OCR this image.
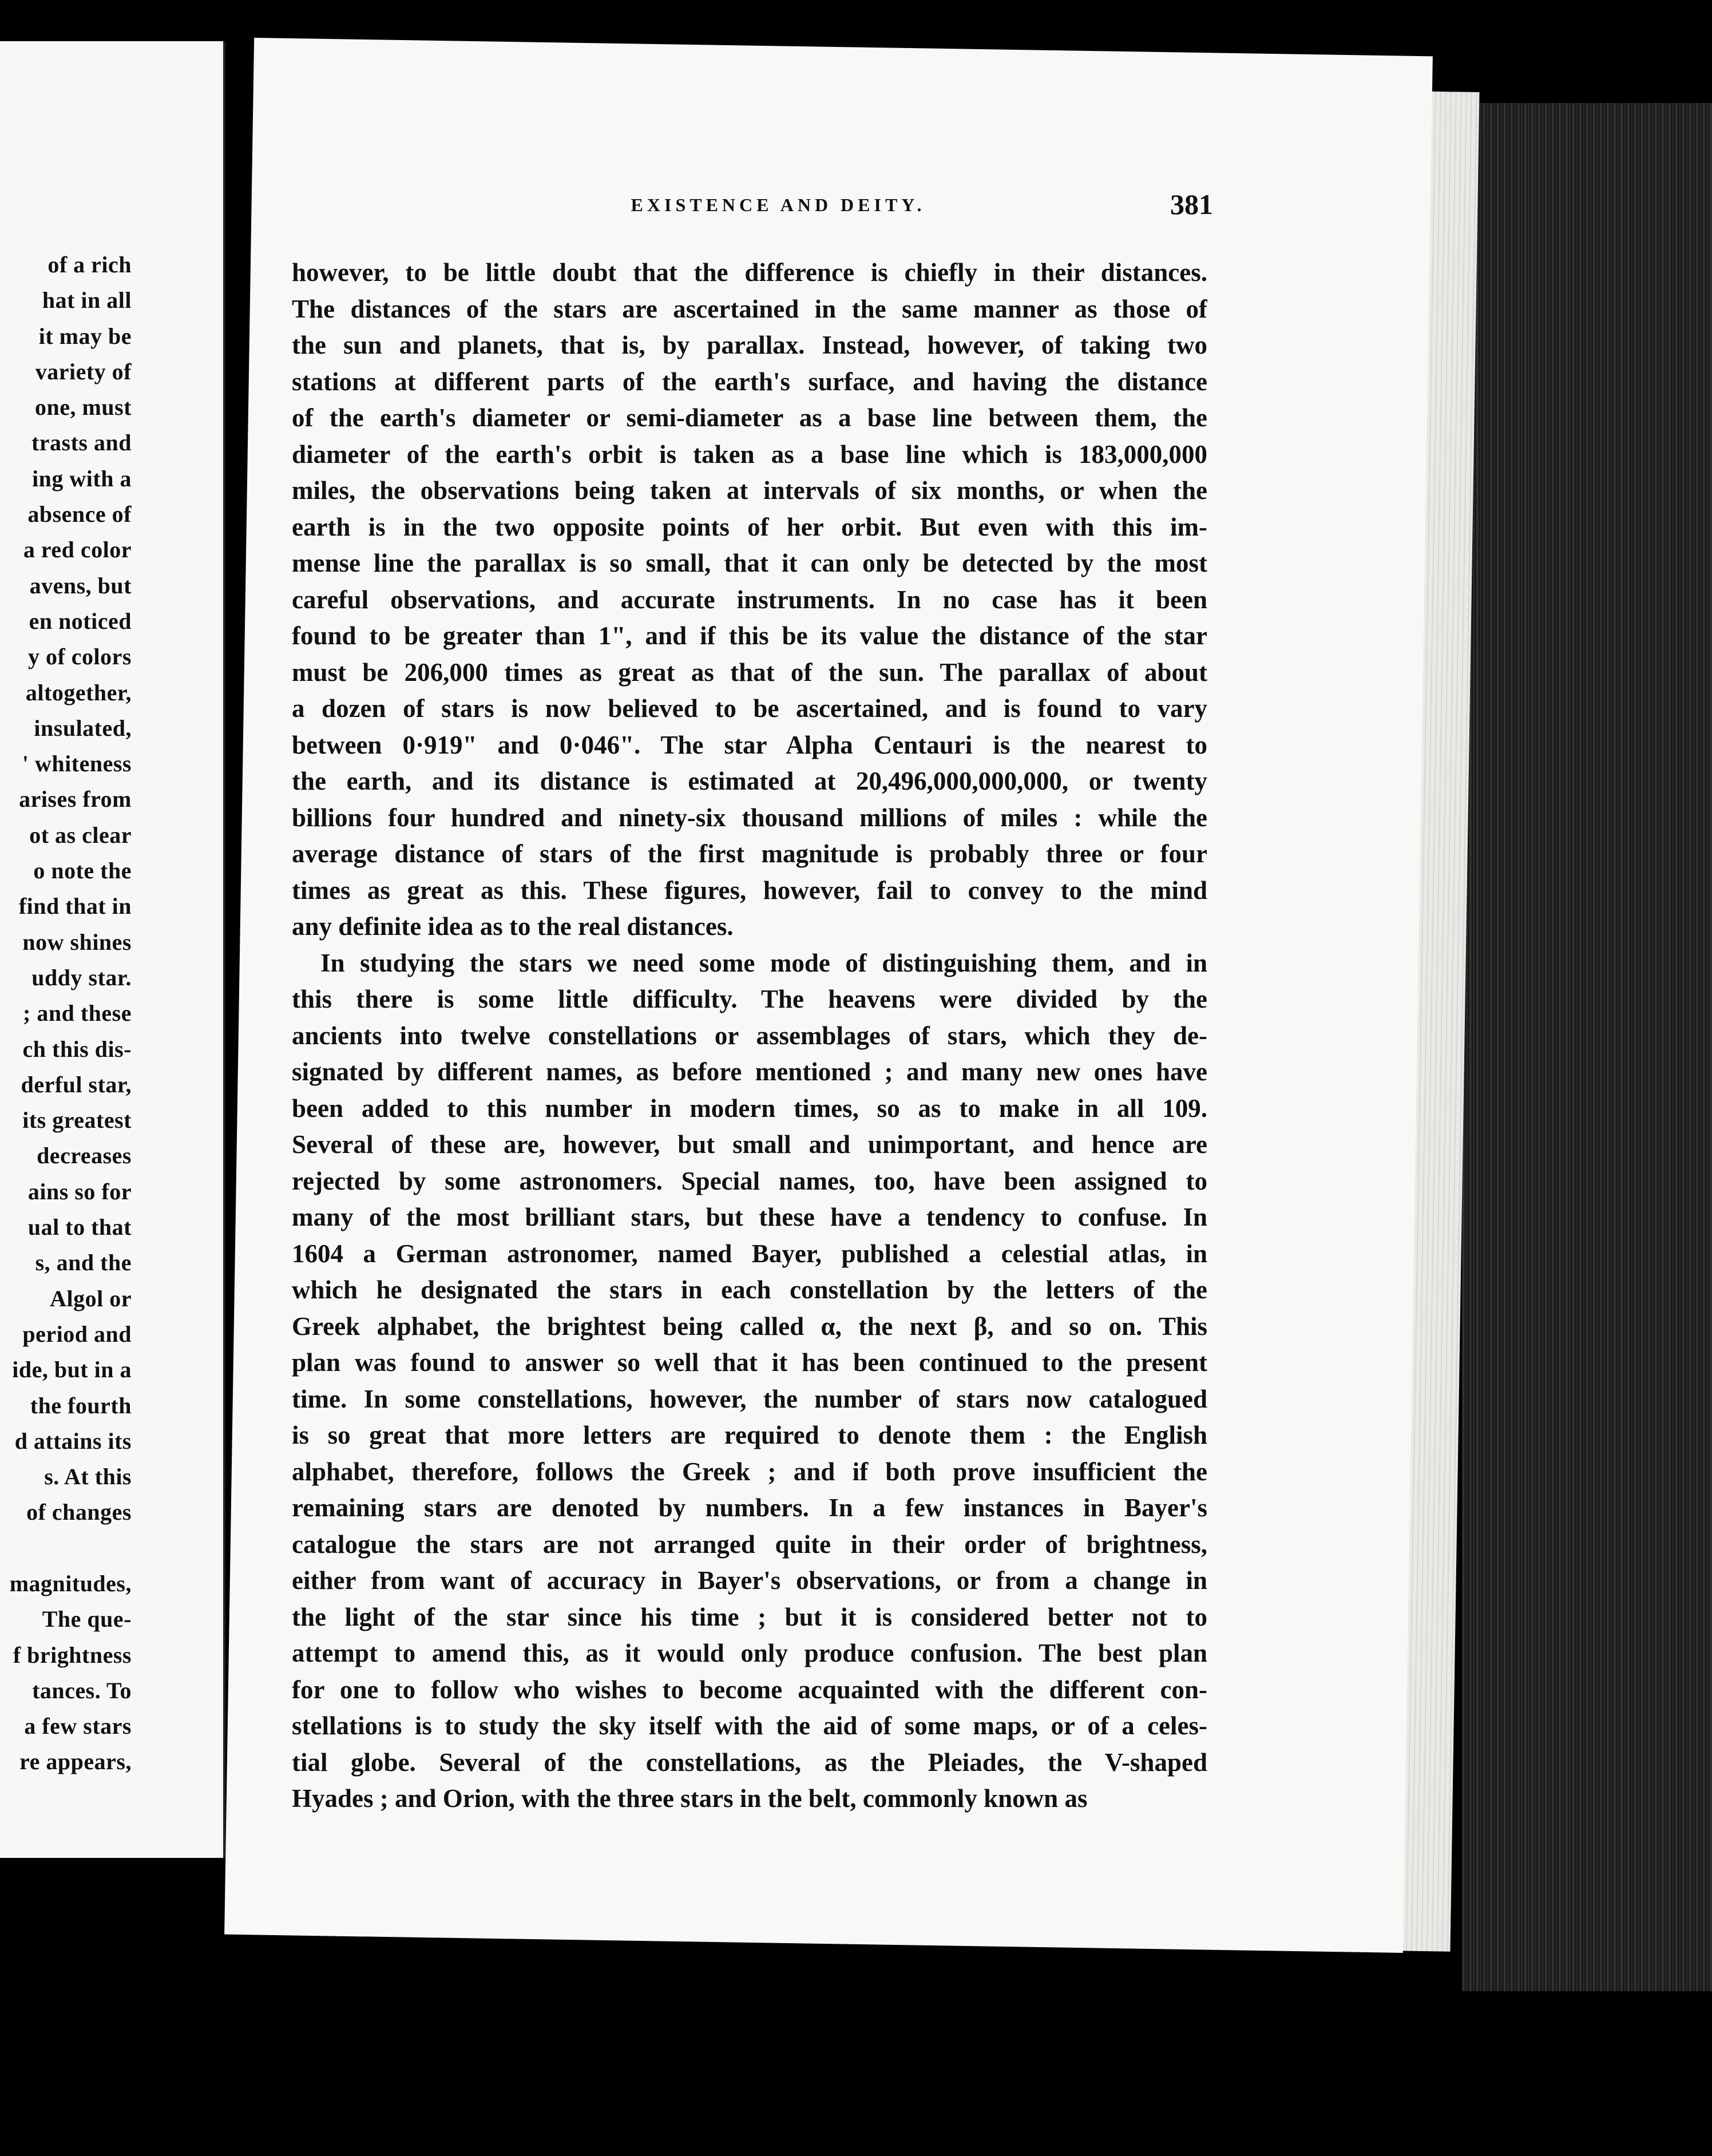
of a rich
hat in all
it may be
variety of
one, must
trasts and
ing with a
absence of
a red color
avens, but
en noticed
y of colors
altogether,
insulated,
' whiteness
arises from
ot as clear
o note the
find that in
now shines
uddy star.
; and these
ch this dis-
derful star,
its greatest
decreases
ains so for
ual to that
s, and the
Algol or
period and
ide, but in a
the fourth
d attains its
s. At this
of changes
magnitudes,
The que-
f brightness
tances. To
a few stars
re appears,
EXISTENCE AND DEITY.	381
however, to be little doubt that the difference is chiefly in their distances.
The distances of the stars are ascertained in the same manner as those of
the sun and planets, that is, by parallax. Instead, however, of taking two
stations at different parts of the earth's surface, and having the distance
of the earth's diameter or semi-diameter as a base line between them, the
diameter of the earth's orbit is taken as a base line which is 183,000,000
miles, the observations being taken at intervals of six months, or when the
earth is in the two opposite points of her orbit. But even with this im-
mense line the parallax is so small, that it can only be detected by the most
careful observations, and accurate instruments. In no case has it been
found to be greater than 1", and if this be its value the distance of the star
must be 206,000 times as great as that of the sun. The parallax of about
a dozen of stars is now believed to be ascertained, and is found to vary
between 0·919" and 0·046". The star Alpha Centauri is the nearest to
the earth, and its distance is estimated at 20,496,000,000,000, or twenty
billions four hundred and ninety-six thousand millions of miles : while the
average distance of stars of the first magnitude is probably three or four
times as great as this. These figures, however, fail to convey to the mind
any definite idea as to the real distances.
In studying the stars we need some mode of distinguishing them, and in
this there is some little difficulty. The heavens were divided by the
ancients into twelve constellations or assemblages of stars, which they de-
signated by different names, as before mentioned ; and many new ones have
been added to this number in modern times, so as to make in all 109.
Several of these are, however, but small and unimportant, and hence are
rejected by some astronomers. Special names, too, have been assigned to
many of the most brilliant stars, but these have a tendency to confuse. In
1604 a German astronomer, named Bayer, published a celestial atlas, in
which he designated the stars in each constellation by the letters of the
Greek alphabet, the brightest being called α, the next β, and so on. This
plan was found to answer so well that it has been continued to the present
time. In some constellations, however, the number of stars now catalogued
is so great that more letters are required to denote them : the English
alphabet, therefore, follows the Greek ; and if both prove insufficient the
remaining stars are denoted by numbers. In a few instances in Bayer's
catalogue the stars are not arranged quite in their order of brightness,
either from want of accuracy in Bayer's observations, or from a change in
the light of the star since his time ; but it is considered better not to
attempt to amend this, as it would only produce confusion. The best plan
for one to follow who wishes to become acquainted with the different con-
stellations is to study the sky itself with the aid of some maps, or of a celes-
tial globe. Several of the constellations, as the Pleiades, the V-shaped
Hyades ; and Orion, with the three stars in the belt, commonly known as
